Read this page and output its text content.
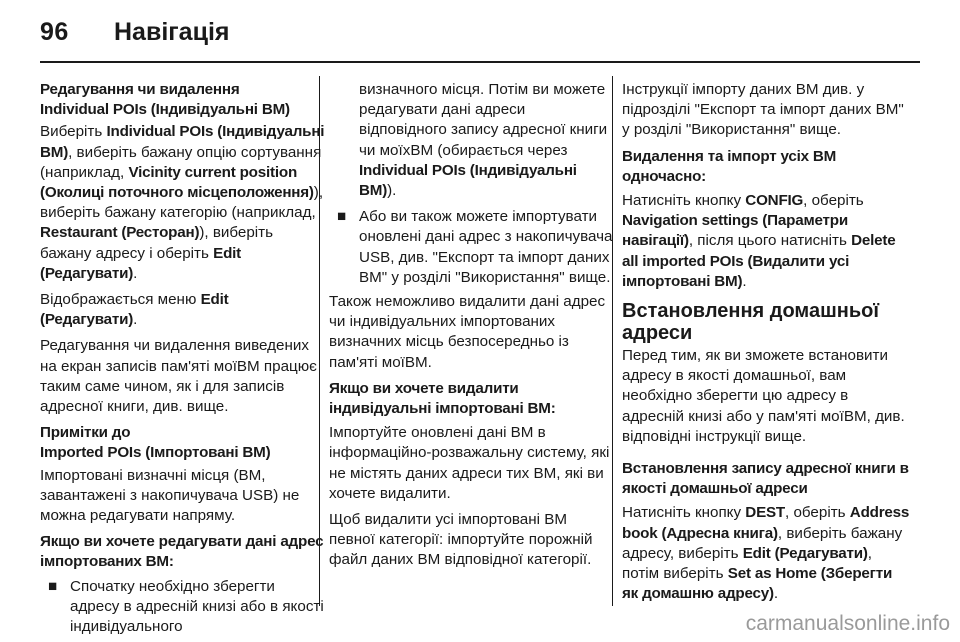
96 Навігація
Редагування чи видалення
Individual POIs (Індивідуальні ВМ)

Виберіть Individual POIs (Індивідуальні ВМ), виберіть бажану опцію сортування (наприклад, Vicinity current position (Околиці поточного місцеположення)), виберіть бажану категорію (наприклад, Restaurant (Ресторан)), виберіть бажану адресу і оберіть Edit (Редагувати).

Відображається меню Edit (Редагувати).

Редагування чи видалення виведених на екран записів пам'яті моїВМ працює таким саме чином, як і для записів адресної книги, див. вище.

Примітки до
Imported POIs (Імпортовані ВМ)

Імпортовані визначні місця (ВМ, завантажені з накопичувача USB) не можна редагувати напряму.

Якщо ви хочете редагувати дані адрес імпортованих ВМ:
■ Спочатку необхідно зберегти адресу в адресній книзі або в якості індивідуального
визначного місця. Потім ви можете редагувати дані адреси відповідного запису адресної книги чи моїхВМ (обирається через Individual POIs (Індивідуальні ВМ)).
■ Або ви також можете імпортувати оновлені дані адрес з накопичувача USB, див. "Експорт та імпорт даних ВМ" у розділі "Використання" вище.

Також неможливо видалити дані адрес чи індивідуальних імпортованих визначних місць безпосередньо із пам'яті моїВМ.

Якщо ви хочете видалити індивідуальні імпортовані ВМ:

Імпортуйте оновлені дані ВМ в інформаційно-розважальну систему, які не містять даних адреси тих ВМ, які ви хочете видалити.

Щоб видалити усі імпортовані ВМ певної категорії: імпортуйте порожній файл даних ВМ відповідної категорії.

Інструкції імпорту даних ВМ див. у підрозділі "Експорт та імпорт даних ВМ" у розділі "Використання" вище.

Видалення та імпорт усіх ВМ одночасно:

Натисніть кнопку CONFIG, оберіть Navigation settings (Параметри навігації), після цього натисніть Delete all imported POIs (Видалити усі імпортовані ВМ).

Встановлення домашньої адреси

Перед тим, як ви зможете встановити адресу в якості домашньої, вам необхідно зберегти цю адресу в адресній книзі або у пам'яті моїВМ, див. відповідні інструкції вище.

Встановлення запису адресної книги в якості домашньої адреси

Натисніть кнопку DEST, оберіть Address book (Адресна книга), виберіть бажану адресу, виберіть Edit (Редагувати), потім виберіть Set as Home (Зберегти як домашню адресу).

carmanualsonline.info
